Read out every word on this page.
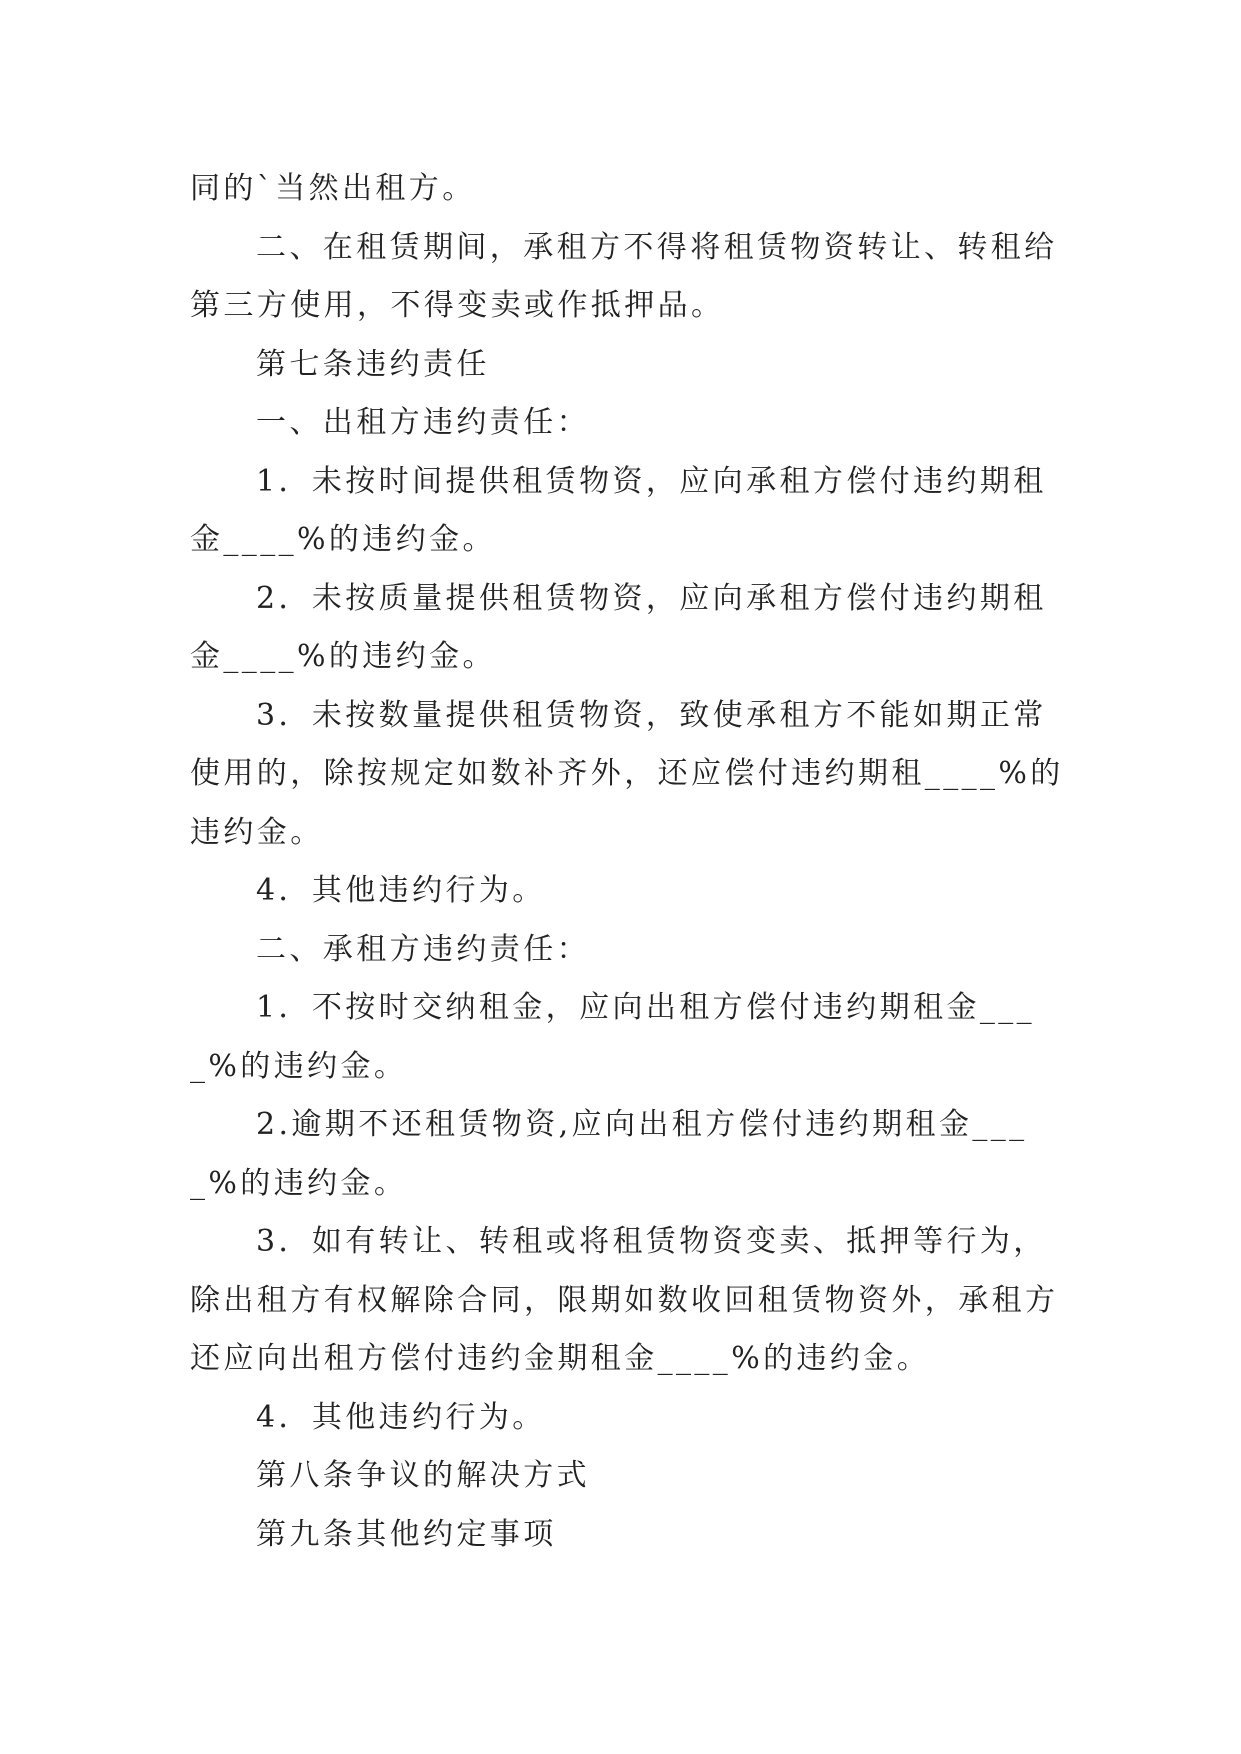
同的`当然出租方。

二、在租赁期间，承租方不得将租赁物资转让、转租给第三方使用，不得变卖或作抵押品。

第七条违约责任

一、出租方违约责任：

1．未按时间提供租赁物资，应向承租方偿付违约期租金____%的违约金。

2．未按质量提供租赁物资，应向承租方偿付违约期租金____%的违约金。

3．未按数量提供租赁物资，致使承租方不能如期正常使用的，除按规定如数补齐外，还应偿付违约期租____%的违约金。

4．其他违约行为。

二、承租方违约责任：

1．不按时交纳租金，应向出租方偿付违约期租金____%的违约金。

2.逾期不还租赁物资,应向出租方偿付违约期租金____%的违约金。

3．如有转让、转租或将租赁物资变卖、抵押等行为，除出租方有权解除合同，限期如数收回租赁物资外，承租方还应向出租方偿付违约金期租金____%的违约金。

4．其他违约行为。

第八条争议的解决方式

第九条其他约定事项
